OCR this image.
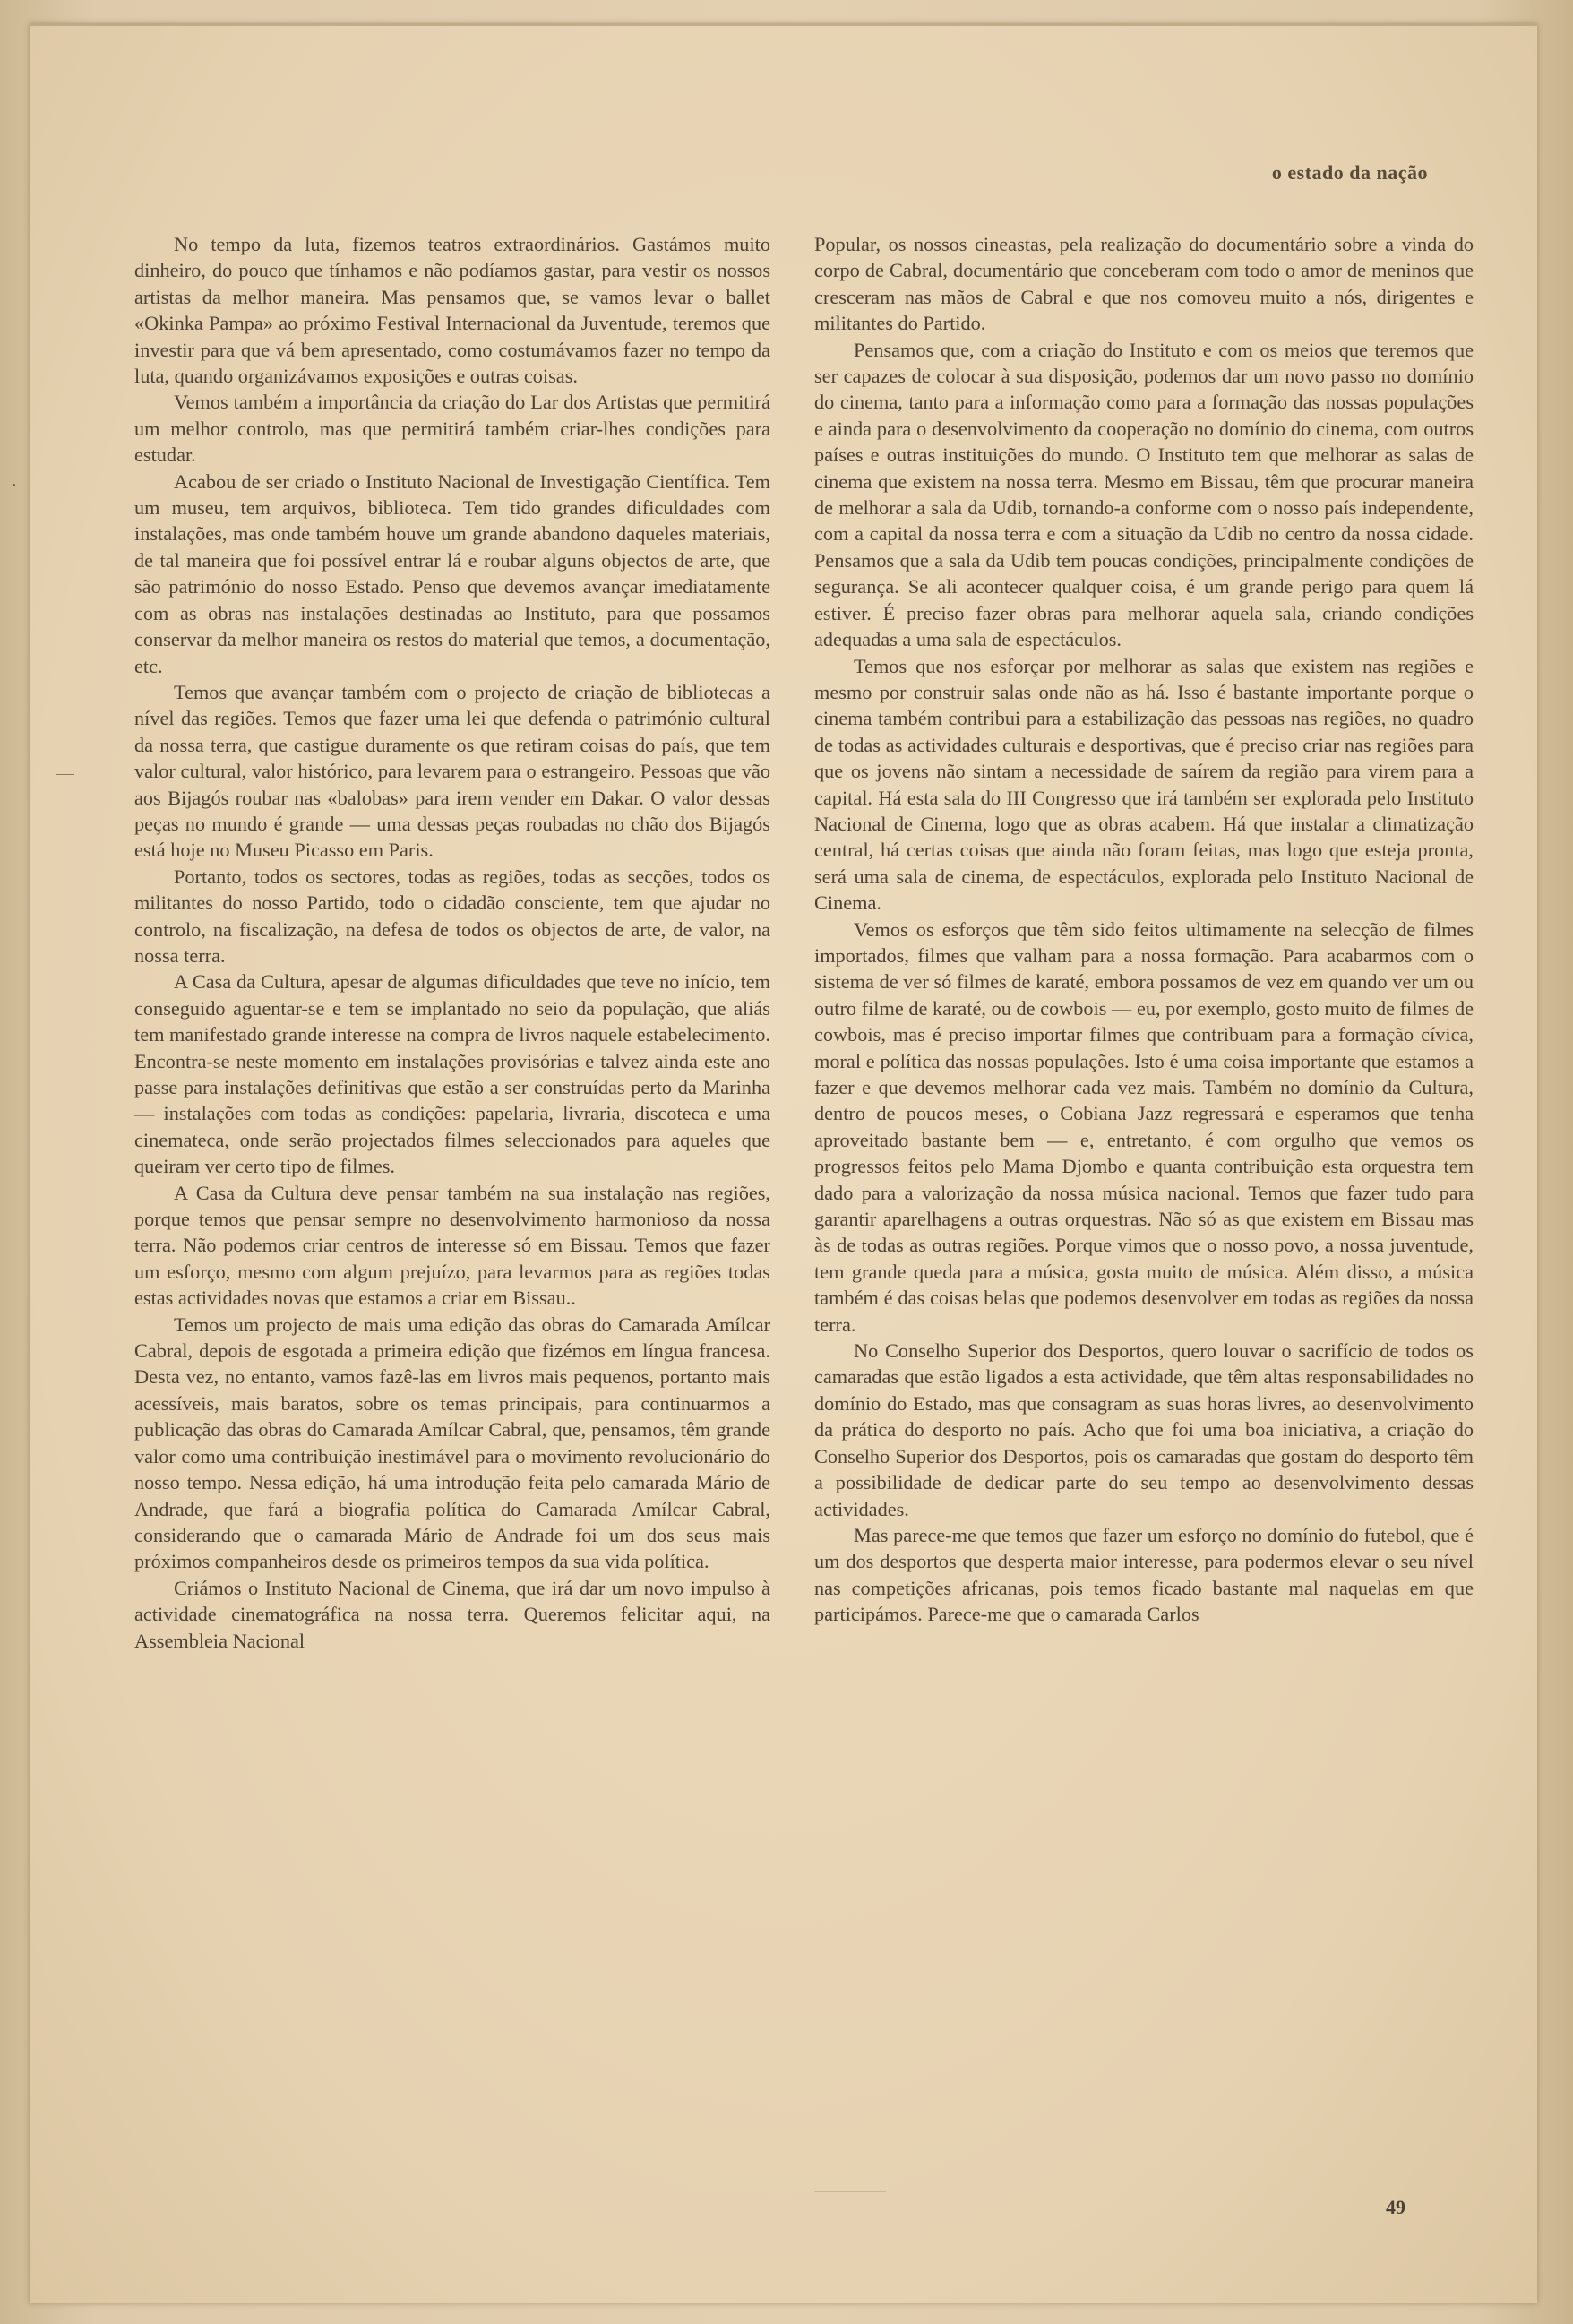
o estado da nação

No tempo da luta, fizemos teatros extraordinários. Gastámos muito dinheiro, do pouco que tínhamos e não podíamos gastar, para vestir os nossos artistas da melhor maneira. Mas pensamos que, se vamos levar o ballet «Okinka Pampa» ao próximo Festival Internacional da Juventude, teremos que investir para que vá bem apresentado, como costumávamos fazer no tempo da luta, quando organizávamos exposições e outras coisas.

Vemos também a importância da criação do Lar dos Artistas que permitirá um melhor controlo, mas que permitirá também criar-lhes condições para estudar.

Acabou de ser criado o Instituto Nacional de Investigação Científica. Tem um museu, tem arquivos, biblioteca. Tem tido grandes dificuldades com instalações, mas onde também houve um grande abandono daqueles materiais, de tal maneira que foi possível entrar lá e roubar alguns objectos de arte, que são património do nosso Estado. Penso que devemos avançar imediatamente com as obras nas instalações destinadas ao Instituto, para que possamos conservar da melhor maneira os restos do material que temos, a documentação, etc.

Temos que avançar também com o projecto de criação de bibliotecas a nível das regiões. Temos que fazer uma lei que defenda o património cultural da nossa terra, que castigue duramente os que retiram coisas do país, que tem valor cultural, valor histórico, para levarem para o estrangeiro. Pessoas que vão aos Bijagós roubar nas «balobas» para irem vender em Dakar. O valor dessas peças no mundo é grande — uma dessas peças roubadas no chão dos Bijagós está hoje no Museu Picasso em Paris.

Portanto, todos os sectores, todas as regiões, todas as secções, todos os militantes do nosso Partido, todo o cidadão consciente, tem que ajudar no controlo, na fiscalização, na defesa de todos os objectos de arte, de valor, na nossa terra.

A Casa da Cultura, apesar de algumas dificuldades que teve no início, tem conseguido aguentar-se e tem se implantado no seio da população, que aliás tem manifestado grande interesse na compra de livros naquele estabelecimento. Encontra-se neste momento em instalações provisórias e talvez ainda este ano passe para instalações definitivas que estão a ser construídas perto da Marinha — instalações com todas as condições: papelaria, livraria, discoteca e uma cinemateca, onde serão projectados filmes seleccionados para aqueles que queiram ver certo tipo de filmes.

A Casa da Cultura deve pensar também na sua instalação nas regiões, porque temos que pensar sempre no desenvolvimento harmonioso da nossa terra. Não podemos criar centros de interesse só em Bissau. Temos que fazer um esforço, mesmo com algum prejuízo, para levarmos para as regiões todas estas actividades novas que estamos a criar em Bissau..

Temos um projecto de mais uma edição das obras do Camarada Amílcar Cabral, depois de esgotada a primeira edição que fizémos em língua francesa. Desta vez, no entanto, vamos fazê-las em livros mais pequenos, portanto mais acessíveis, mais baratos, sobre os temas principais, para continuarmos a publicação das obras do Camarada Amílcar Cabral, que, pensamos, têm grande valor como uma contribuição inestimável para o movimento revolucionário do nosso tempo. Nessa edição, há uma introdução feita pelo camarada Mário de Andrade, que fará a biografia política do Camarada Amílcar Cabral, considerando que o camarada Mário de Andrade foi um dos seus mais próximos companheiros desde os primeiros tempos da sua vida política.

Criámos o Instituto Nacional de Cinema, que irá dar um novo impulso à actividade cinematográfica na nossa terra. Queremos felicitar aqui, na Assembleia Nacional

Popular, os nossos cineastas, pela realização do documentário sobre a vinda do corpo de Cabral, documentário que conceberam com todo o amor de meninos que cresceram nas mãos de Cabral e que nos comoveu muito a nós, dirigentes e militantes do Partido.

Pensamos que, com a criação do Instituto e com os meios que teremos que ser capazes de colocar à sua disposição, podemos dar um novo passo no domínio do cinema, tanto para a informação como para a formação das nossas populações e ainda para o desenvolvimento da cooperação no domínio do cinema, com outros países e outras instituições do mundo. O Instituto tem que melhorar as salas de cinema que existem na nossa terra. Mesmo em Bissau, têm que procurar maneira de melhorar a sala da Udib, tornando-a conforme com o nosso país independente, com a capital da nossa terra e com a situação da Udib no centro da nossa cidade. Pensamos que a sala da Udib tem poucas condições, principalmente condições de segurança. Se ali acontecer qualquer coisa, é um grande perigo para quem lá estiver. É preciso fazer obras para melhorar aquela sala, criando condições adequadas a uma sala de espectáculos.

Temos que nos esforçar por melhorar as salas que existem nas regiões e mesmo por construir salas onde não as há. Isso é bastante importante porque o cinema também contribui para a estabilização das pessoas nas regiões, no quadro de todas as actividades culturais e desportivas, que é preciso criar nas regiões para que os jovens não sintam a necessidade de saírem da região para virem para a capital. Há esta sala do III Congresso que irá também ser explorada pelo Instituto Nacional de Cinema, logo que as obras acabem. Há que instalar a climatização central, há certas coisas que ainda não foram feitas, mas logo que esteja pronta, será uma sala de cinema, de espectáculos, explorada pelo Instituto Nacional de Cinema.

Vemos os esforços que têm sido feitos ultimamente na selecção de filmes importados, filmes que valham para a nossa formação. Para acabarmos com o sistema de ver só filmes de karaté, embora possamos de vez em quando ver um ou outro filme de karaté, ou de cowbois — eu, por exemplo, gosto muito de filmes de cowbois, mas é preciso importar filmes que contribuam para a formação cívica, moral e política das nossas populações. Isto é uma coisa importante que estamos a fazer e que devemos melhorar cada vez mais. Também no domínio da Cultura, dentro de poucos meses, o Cobiana Jazz regressará e esperamos que tenha aproveitado bastante bem — e, entretanto, é com orgulho que vemos os progressos feitos pelo Mama Djombo e quanta contribuição esta orquestra tem dado para a valorização da nossa música nacional. Temos que fazer tudo para garantir aparelhagens a outras orquestras. Não só as que existem em Bissau mas às de todas as outras regiões. Porque vimos que o nosso povo, a nossa juventude, tem grande queda para a música, gosta muito de música. Além disso, a música também é das coisas belas que podemos desenvolver em todas as regiões da nossa terra.

No Conselho Superior dos Desportos, quero louvar o sacrifício de todos os camaradas que estão ligados a esta actividade, que têm altas responsabilidades no domínio do Estado, mas que consagram as suas horas livres, ao desenvolvimento da prática do desporto no país. Acho que foi uma boa iniciativa, a criação do Conselho Superior dos Desportos, pois os camaradas que gostam do desporto têm a possibilidade de dedicar parte do seu tempo ao desenvolvimento dessas actividades.

Mas parece-me que temos que fazer um esforço no domínio do futebol, que é um dos desportos que desperta maior interesse, para podermos elevar o seu nível nas competições africanas, pois temos ficado bastante mal naquelas em que participámos. Parece-me que o camarada Carlos

49
